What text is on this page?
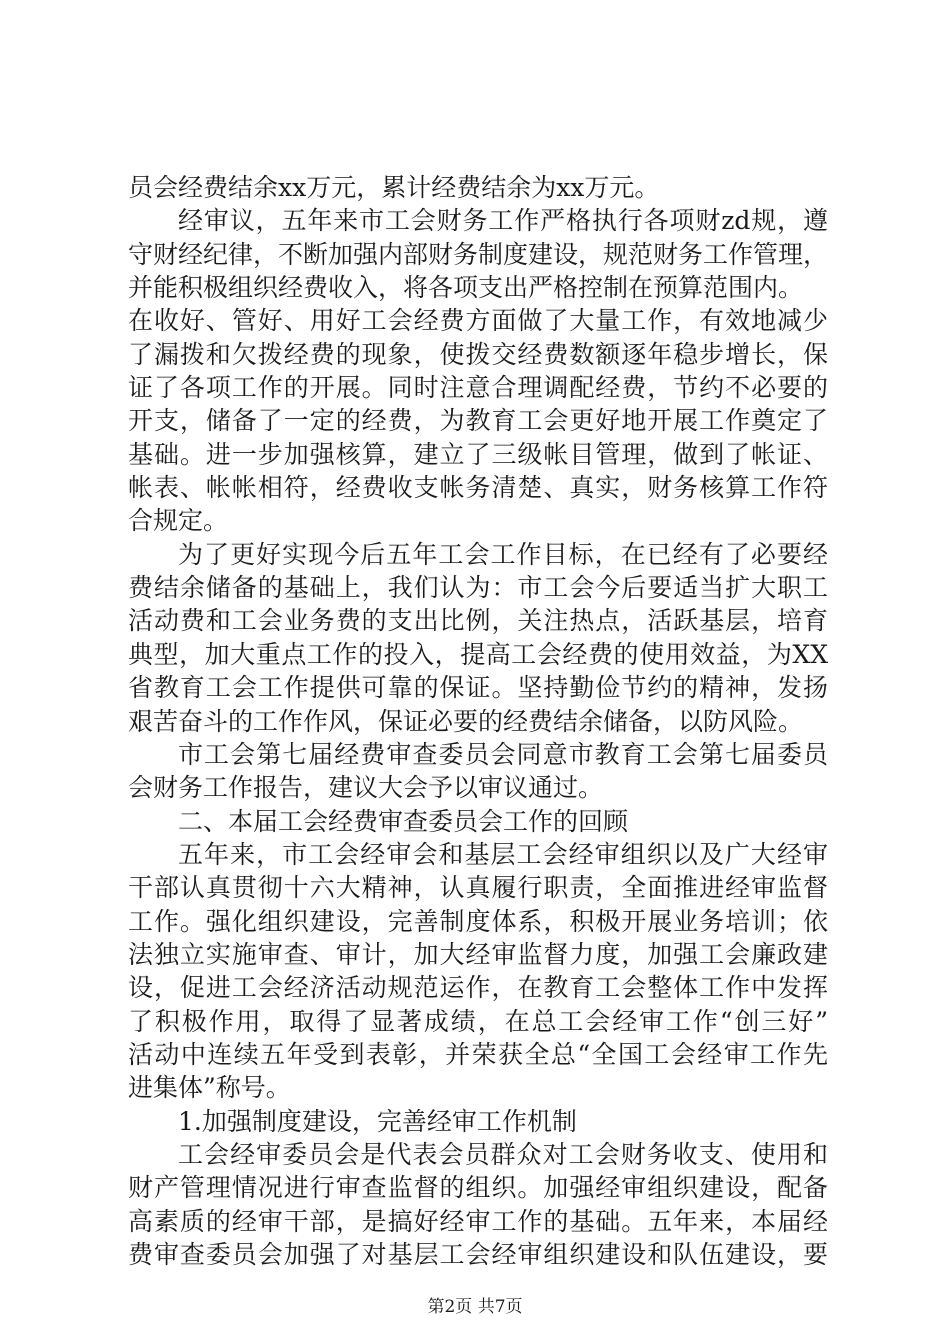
员会经费结余xx万元，累计经费结余为xx万元。
经审议，五年来市工会财务工作严格执行各项财zd规，遵
守财经纪律，不断加强内部财务制度建设，规范财务工作管理，
并能积极组织经费收入，将各项支出严格控制在预算范围内。
在收好、管好、用好工会经费方面做了大量工作，有效地减少
了漏拨和欠拨经费的现象，使拨交经费数额逐年稳步增长，保
证了各项工作的开展。同时注意合理调配经费，节约不必要的
开支，储备了一定的经费，为教育工会更好地开展工作奠定了
基础。进一步加强核算，建立了三级帐目管理，做到了帐证、
帐表、帐帐相符，经费收支帐务清楚、真实，财务核算工作符
合规定。
为了更好实现今后五年工会工作目标，在已经有了必要经
费结余储备的基础上，我们认为：市工会今后要适当扩大职工
活动费和工会业务费的支出比例，关注热点，活跃基层，培育
典型，加大重点工作的投入，提高工会经费的使用效益，为XX
省教育工会工作提供可靠的保证。坚持勤俭节约的精神，发扬
艰苦奋斗的工作作风，保证必要的经费结余储备，以防风险。
市工会第七届经费审查委员会同意市教育工会第七届委员
会财务工作报告，建议大会予以审议通过。
二、本届工会经费审查委员会工作的回顾
五年来，市工会经审会和基层工会经审组织以及广大经审
干部认真贯彻十六大精神，认真履行职责，全面推进经审监督
工作。强化组织建设，完善制度体系，积极开展业务培训；依
法独立实施审查、审计，加大经审监督力度，加强工会廉政建
设，促进工会经济活动规范运作，在教育工会整体工作中发挥
了积极作用，取得了显著成绩，在总工会经审工作“创三好”
活动中连续五年受到表彰，并荣获全总“全国工会经审工作先
进集体”称号。
1.加强制度建设，完善经审工作机制
工会经审委员会是代表会员群众对工会财务收支、使用和
财产管理情况进行审查监督的组织。加强经审组织建设，配备
高素质的经审干部，是搞好经审工作的基础。五年来，本届经
费审查委员会加强了对基层工会经审组织建设和队伍建设，要
第2页 共7页
